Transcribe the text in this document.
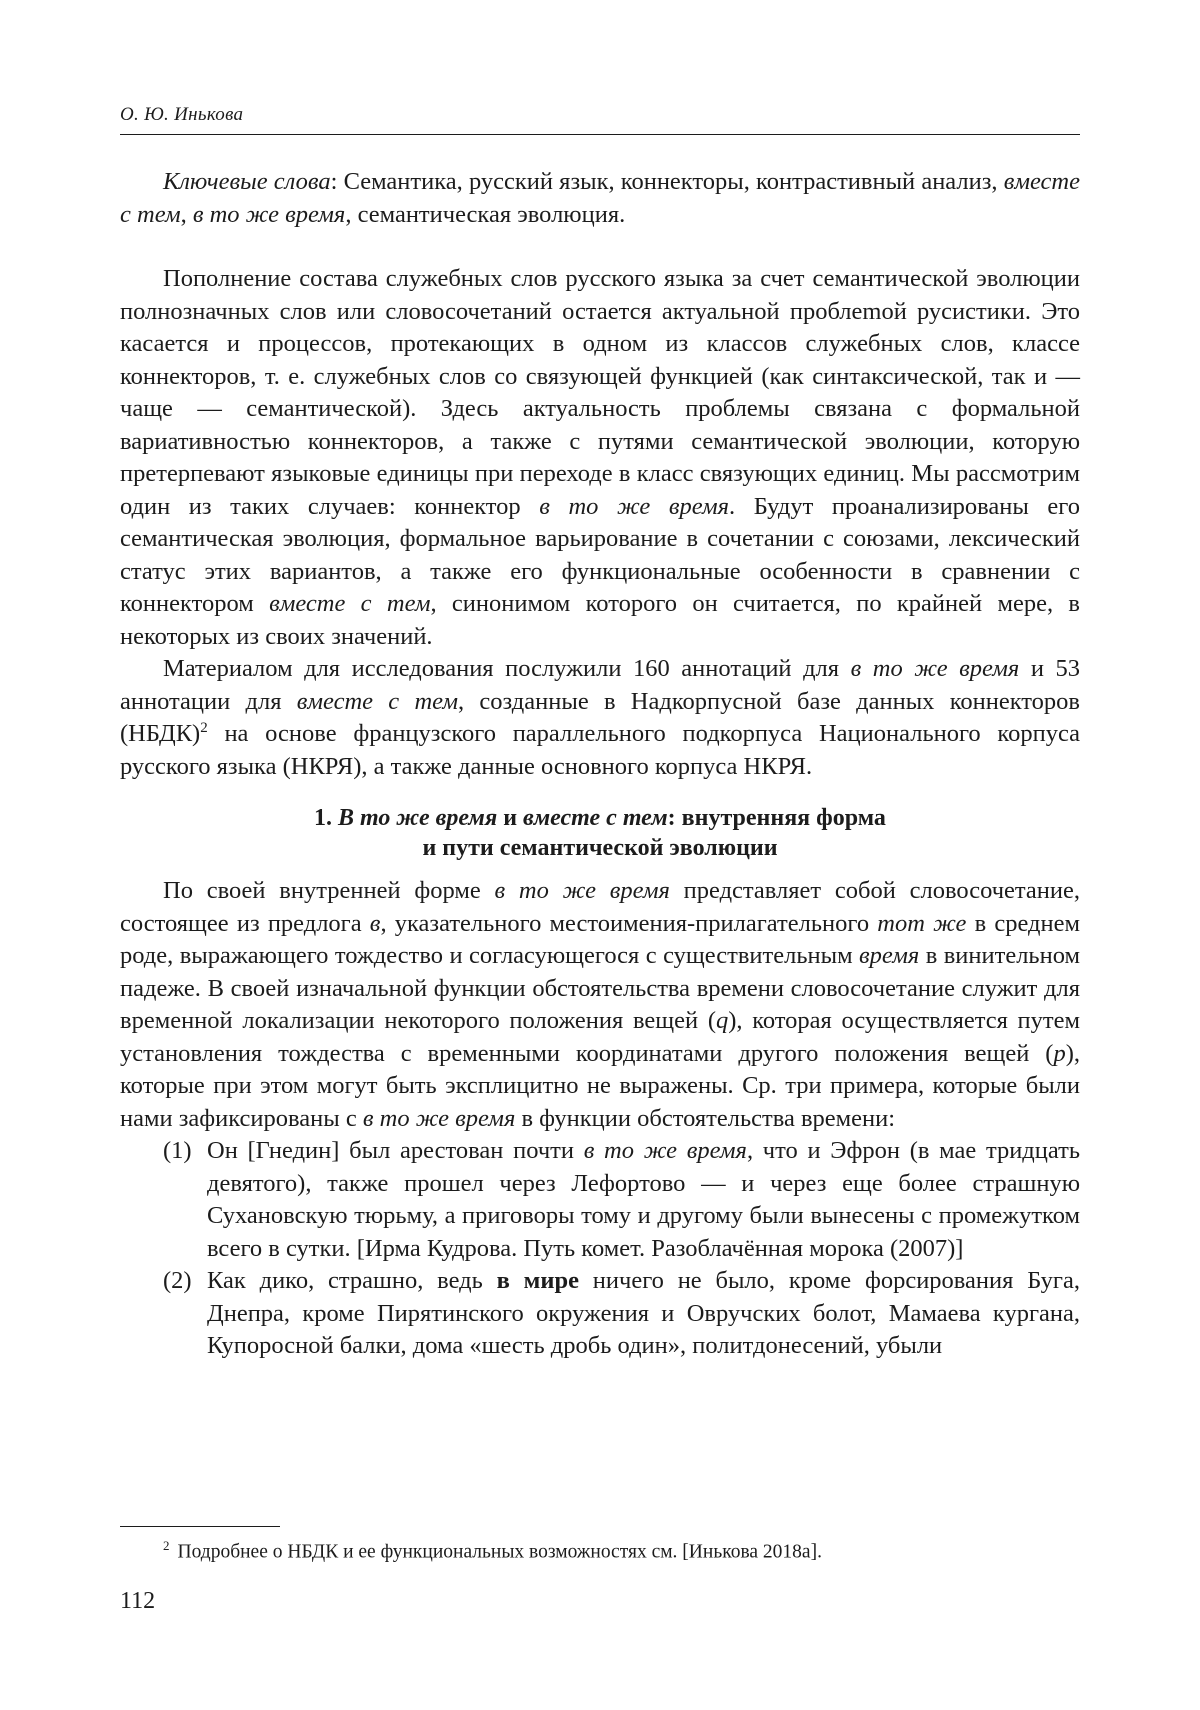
О. Ю. Инькова

Ключевые слова: Семантика, русский язык, коннекторы, контрастивный анализ, вместе с тем, в то же время, семантическая эволюция.

Пополнение состава служебных слов русского языка за счет семантической эволюции полнозначных слов или словосочетаний остается актуальной проблеmой русистики. Это касается и процессов, протекающих в одном из классов служебных слов, классе коннекторов, т. е. служебных слов со связующей функцией (как синтаксической, так и — чаще — семантической). Здесь актуальность проблемы связана с формальной вариативностью коннекторов, а также с путями семантической эволюции, которую претерпевают языковые единицы при переходе в класс связующих единиц. Мы рассмотрим один из таких случаев: коннектор в то же время. Будут проанализированы его семантическая эволюция, формальное варьирование в сочетании с союзами, лексический статус этих вариантов, а также его функциональные особенности в сравнении с коннектором вместе с тем, синонимом которого он считается, по крайней мере, в некоторых из своих значений.

Материалом для исследования послужили 160 аннотаций для в то же время и 53 аннотации для вместе с тем, созданные в Надкорпусной базе данных коннекторов (НБДК)$^2$ на основе французского параллельного подкорпуса Национального корпуса русского языка (НКРЯ), а также данные основного корпуса НКРЯ.

1. В то же время и вместе с тем: внутренняя форма
и пути семантической эволюции

По своей внутренней форме в то же время представляет собой словосочетание, состоящее из предлога в, указательного местоимения-прилагательного тот же в среднем роде, выражающего тождество и согласующегося с существительным время в винительном падеже. В своей изначальной функции обстоятельства времени словосочетание служит для временной локализации некоторого положения вещей (q), которая осуществляется путем установления тождества с временными координатами другого положения вещей (p), которые при этом могут быть эксплицитно не выражены. Ср. три примера, которые были нами зафиксированы с в то же время в функции обстоятельства времени:

(1) Он [Гнедин] был арестован почти в то же время, что и Эфрон (в мае тридцать девятого), также прошел через Лефортово — и через еще более страшную Сухановскую тюрьму, а приговоры тому и другому были вынесены с промежутком всего в сутки. [Ирма Кудрова. Путь комет. Разоблачённая морока (2007)]

(2) Как дико, страшно, ведь в мире ничего не было, кроме форсирования Буга, Днепра, кроме Пирятинского окружения и Овручских болот, Мамаева кургана, Купоросной балки, дома «шесть дробь один», политдонесений, убыли

$^2$ Подробнее о НБДК и ее функциональных возможностях см. [Инькова 2018а].
112
